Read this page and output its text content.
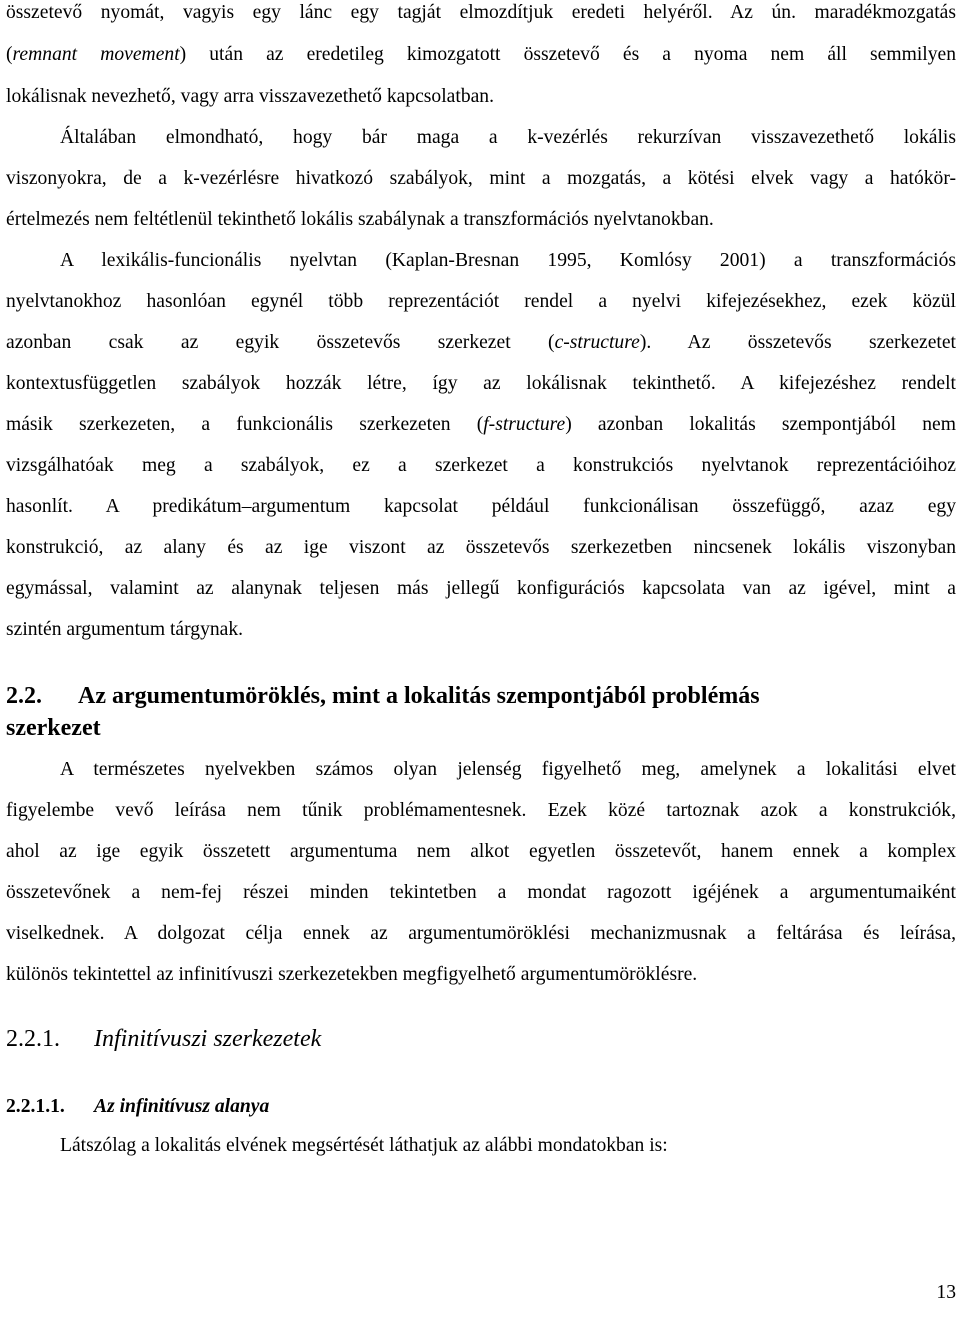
összetevő nyomát, vagyis egy lánc egy tagját elmozdítjuk eredeti helyéről. Az ún. maradékmozgatás
(remnant movement) után az eredetileg kimozgatott összetevő és a nyoma nem áll semmilyen
lokálisnak nevezhető, vagy arra visszavezethető kapcsolatban.
Általában elmondható, hogy bár maga a k-vezérlés rekurzívan visszavezethető lokális
viszonyokra, de a k-vezérlésre hivatkozó szabályok, mint a mozgatás, a kötési elvek vagy a hatókör-
értelmezés nem feltétlenül tekinthető lokális szabálynak a transzformációs nyelvtanokban.
A lexikális-funcionális nyelvtan (Kaplan-Bresnan 1995, Komlósy 2001) a transzformációs
nyelvtanokhoz hasonlóan egynél több reprezentációt rendel a nyelvi kifejezésekhez, ezek közül
azonban csak az egyik összetevős szerkezet (c-structure). Az összetevős szerkezetet
kontextusfüggetlen szabályok hozzák létre, így az lokálisnak tekinthető. A kifejezéshez rendelt
másik szerkezeten, a funkcionális szerkezeten (f-structure) azonban lokalitás szempontjából nem
vizsgálhatóak meg a szabályok, ez a szerkezet a konstrukciós nyelvtanok reprezentációihoz
hasonlít. A predikátum–argumentum kapcsolat például funkcionálisan összefüggő, azaz egy
konstrukció, az alany és az ige viszont az összetevős szerkezetben nincsenek lokális viszonyban
egymással, valamint az alanynak teljesen más jellegű konfigurációs kapcsolata van az igével, mint a
szintén argumentum tárgynak.
2.2. Az argumentumöröklés, mint a lokalitás szempontjából problémás
szerkezet
A természetes nyelvekben számos olyan jelenség figyelhető meg, amelynek a lokalitási elvet
figyelembe vevő leírása nem tűnik problémamentesnek. Ezek közé tartoznak azok a konstrukciók,
ahol az ige egyik összetett argumentuma nem alkot egyetlen összetevőt, hanem ennek a komplex
összetevőnek a nem-fej részei minden tekintetben a mondat ragozott igéjének a argumentumaiként
viselkednek. A dolgozat célja ennek az argumentumöröklési mechanizmusnak a feltárása és leírása,
különös tekintettel az infinitívuszi szerkezetekben megfigyelhető argumentumöröklésre.
2.2.1. Infinitívuszi szerkezetek
2.2.1.1. Az infinitívusz alanya
Látszólag a lokalitás elvének megsértését láthatjuk az alábbi mondatokban is:
13
